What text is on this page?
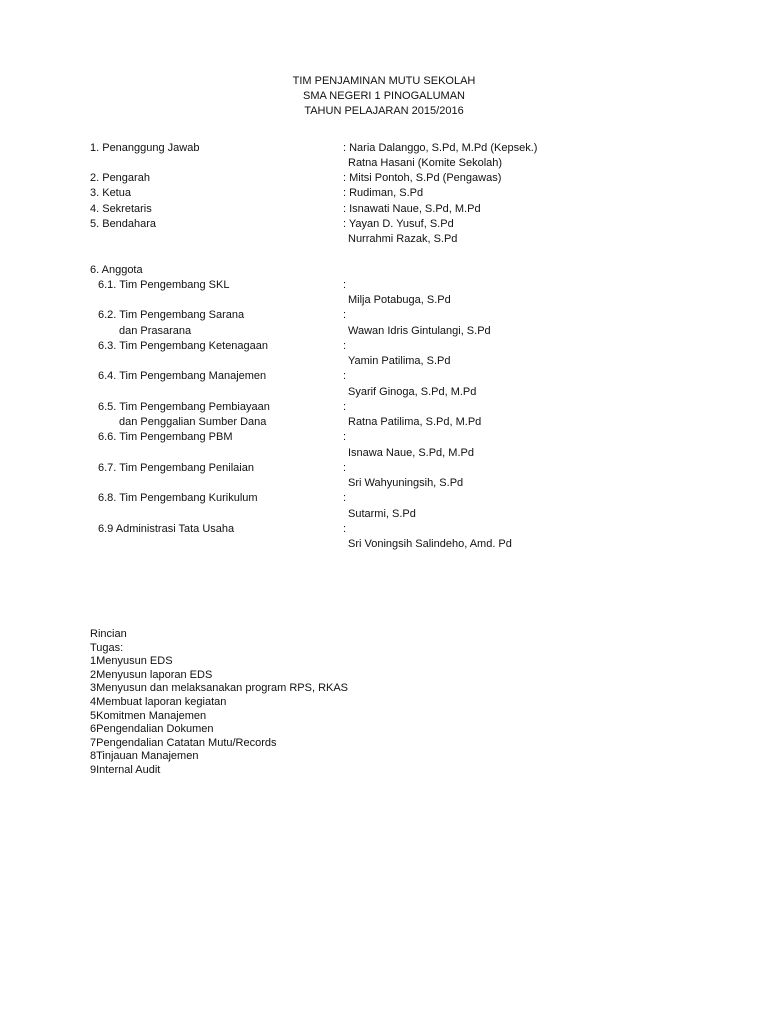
TIM PENJAMINAN MUTU SEKOLAH
SMA NEGERI 1 PINOGALUMAN
TAHUN PELAJARAN 2015/2016
1. Penanggung Jawab	: Naria Dalanggo, S.Pd, M.Pd (Kepsek.)
Ratna Hasani (Komite Sekolah)
2. Pengarah	: Mitsi Pontoh, S.Pd (Pengawas)
3. Ketua	: Rudiman, S.Pd
4. Sekretaris	: Isnawati Naue, S.Pd, M.Pd
5. Bendahara	: Yayan D. Yusuf, S.Pd
Nurrahmi Razak, S.Pd
6. Anggota
6.1. Tim Pengembang SKL	:
Milja Potabuga, S.Pd
6.2. Tim Pengembang Sarana	:
dan Prasarana	Wawan Idris Gintulangi, S.Pd
6.3. Tim Pengembang Ketenagaan	:
Yamin Patilima, S.Pd
6.4. Tim Pengembang Manajemen	:
Syarif Ginoga, S.Pd, M.Pd
6.5. Tim Pengembang Pembiayaan	:
dan Penggalian Sumber Dana	Ratna Patilima, S.Pd, M.Pd
6.6. Tim Pengembang PBM	:
Isnawa Naue, S.Pd, M.Pd
6.7. Tim Pengembang Penilaian	:
Sri Wahyuningsih, S.Pd
6.8. Tim Pengembang Kurikulum	:
Sutarmi, S.Pd
6.9 Administrasi Tata Usaha	:
Sri Voningsih Salindeho, Amd. Pd
Rincian
Tugas:
1Menyusun EDS
2Menyusun laporan EDS
3Menyusun dan melaksanakan program RPS, RKAS
4Membuat laporan kegiatan
5Komitmen Manajemen
6Pengendalian Dokumen
7Pengendalian Catatan Mutu/Records
8Tinjauan Manajemen
9Internal Audit
